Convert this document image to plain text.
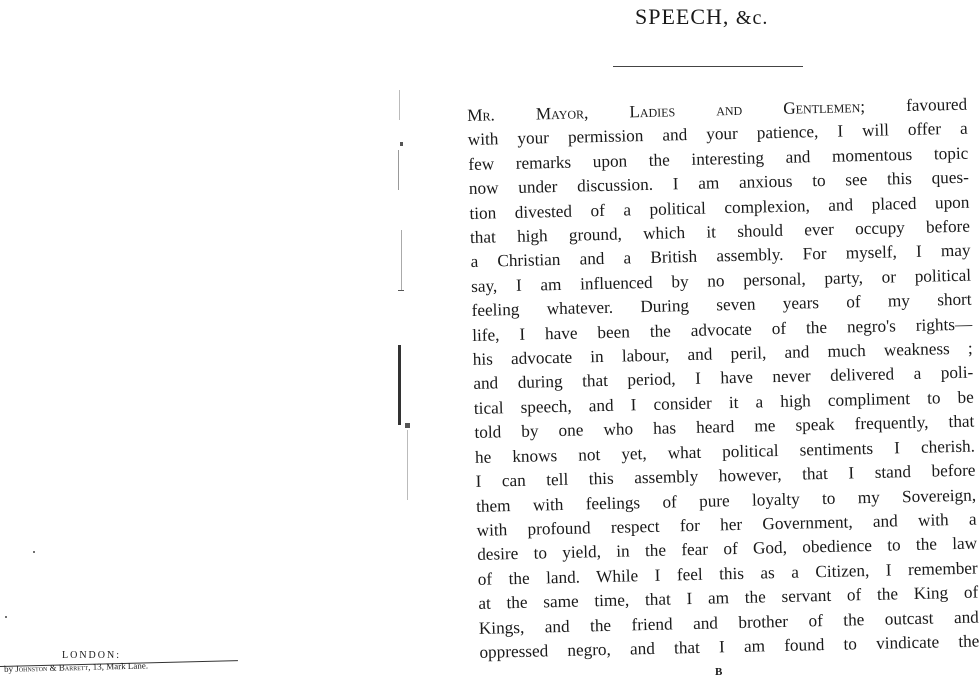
LONDON:
by Johnston & Barrett, 13, Mark Lane.
SPEECH, &c.
Mr. Mayor, Ladies and Gentlemen; favoured
with your permission and your patience, I will offer a
few remarks upon the interesting and momentous topic
now under discussion. I am anxious to see this ques-
tion divested of a political complexion, and placed upon
that high ground, which it should ever occupy before
a Christian and a British assembly. For myself, I may
say, I am influenced by no personal, party, or political
feeling whatever. During seven years of my short
life, I have been the advocate of the negro's rights—
his advocate in labour, and peril, and much weakness ;
and during that period, I have never delivered a poli-
tical speech, and I consider it a high compliment to be
told by one who has heard me speak frequently, that
he knows not yet, what political sentiments I cherish.
I can tell this assembly however, that I stand before
them with feelings of pure loyalty to my Sovereign,
with profound respect for her Government, and with a
desire to yield, in the fear of God, obedience to the law
of the land. While I feel this as a Citizen, I remember
at the same time, that I am the servant of the King of
Kings, and the friend and brother of the outcast and
oppressed negro, and that I am found to vindicate the
B
